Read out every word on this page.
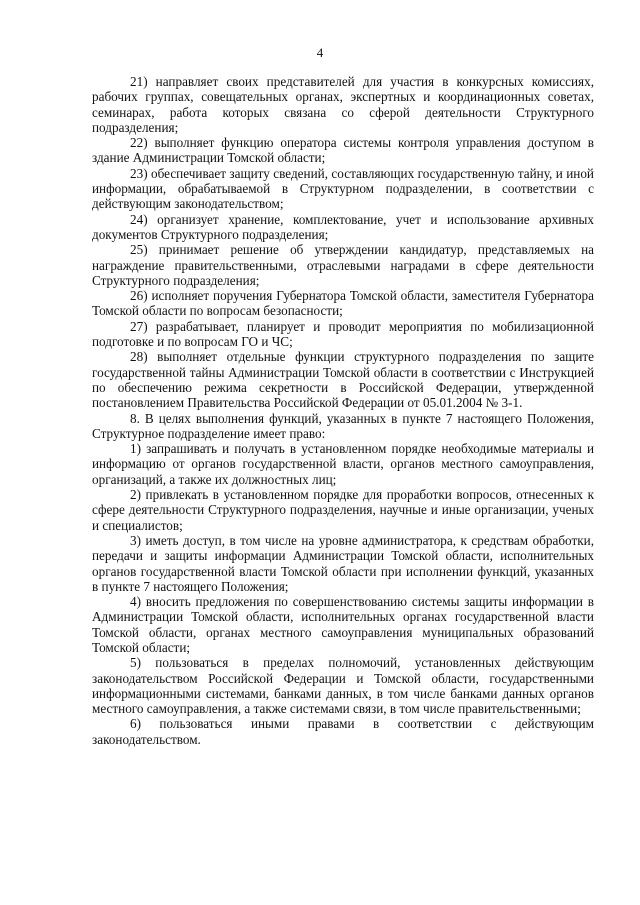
4

21) направляет своих представителей для участия в конкурсных комиссиях, рабочих группах, совещательных органах, экспертных и координационных советах, семинарах, работа которых связана со сферой деятельности Структурного подразделения;

22) выполняет функцию оператора системы контроля управления доступом в здание Администрации Томской области;

23) обеспечивает защиту сведений, составляющих государственную тайну, и иной информации, обрабатываемой в Структурном подразделении, в соответствии с действующим законодательством;

24) организует хранение, комплектование, учет и использование архивных документов Структурного подразделения;

25) принимает решение об утверждении кандидатур, представляемых на награждение правительственными, отраслевыми наградами в сфере деятельности Структурного подразделения;

26) исполняет поручения Губернатора Томской области, заместителя Губернатора Томской области по вопросам безопасности;

27) разрабатывает, планирует и проводит мероприятия по мобилизационной подготовке и по вопросам ГО и ЧС;

28) выполняет отдельные функции структурного подразделения по защите государственной тайны Администрации Томской области в соответствии с Инструкцией по обеспечению режима секретности в Российской Федерации, утвержденной постановлением Правительства Российской Федерации от 05.01.2004 № 3-1.

8. В целях выполнения функций, указанных в пункте 7 настоящего Положения, Структурное подразделение имеет право:

1) запрашивать и получать в установленном порядке необходимые материалы и информацию от органов государственной власти, органов местного самоуправления, организаций, а также их должностных лиц;

2) привлекать в установленном порядке для проработки вопросов, отнесенных к сфере деятельности Структурного подразделения, научные и иные организации, ученых и специалистов;

3) иметь доступ, в том числе на уровне администратора, к средствам обработки, передачи и защиты информации Администрации Томской области, исполнительных органов государственной власти Томской области при исполнении функций, указанных в пункте 7 настоящего Положения;

4) вносить предложения по совершенствованию системы защиты информации в Администрации Томской области, исполнительных органах государственной власти Томской области, органах местного самоуправления муниципальных образований Томской области;

5) пользоваться в пределах полномочий, установленных действующим законодательством Российской Федерации и Томской области, государственными информационными системами, банками данных, в том числе банками данных органов местного самоуправления, а также системами связи, в том числе правительственными;

6) пользоваться иными правами в соответствии с действующим законодательством.
